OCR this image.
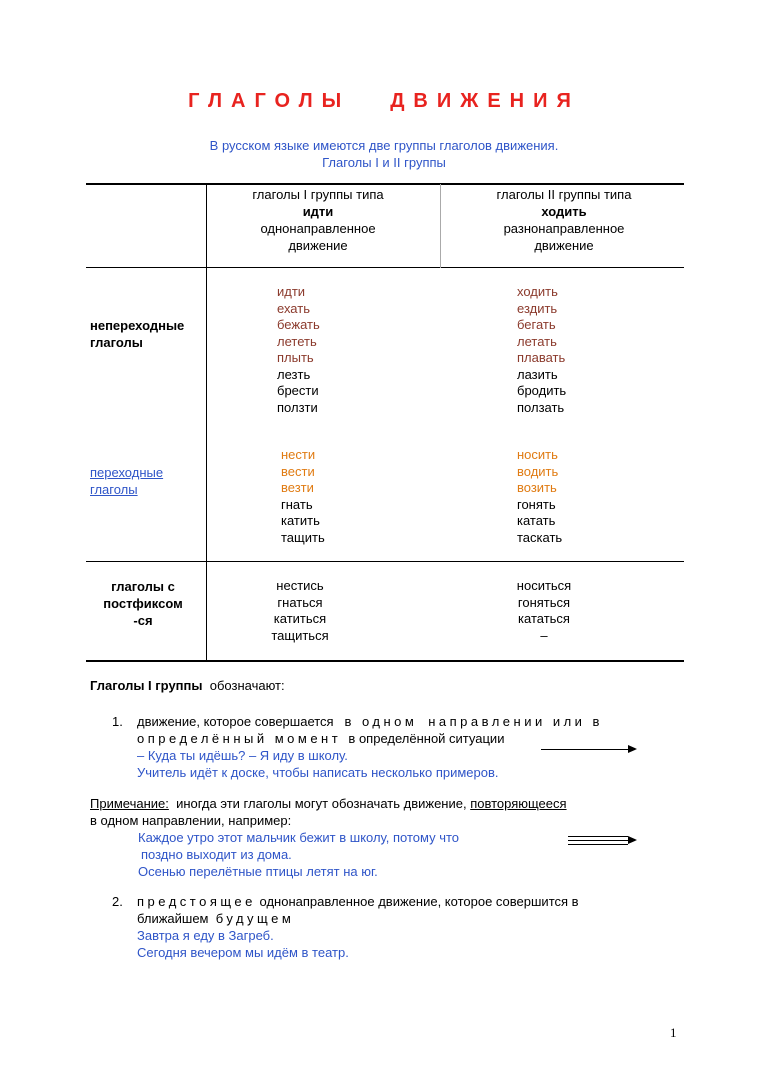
ГЛАГОЛЫ ДВИЖЕНИЯ
В русском языке имеются две группы глаголов движения.
Глаголы I и II группы
глаголы I группы типа
идти
однонаправленное
движение
глаголы II группы типа
ходить
разнонаправленное
движение
непереходные
глаголы
идти
ехать
бежать
лететь
плыть
лезть
брести
ползти
ходить
ездить
бегать
летать
плавать
лазить
бродить
ползать
переходные
глаголы
нести
вести
везти
гнать
катить
тащить
носить
водить
возить
гонять
катать
таскать
глаголы с
постфиксом
-ся
нестись
гнаться
катиться
тащиться
носиться
гоняться
кататься
–
Глаголы I группы обозначают:
1. движение, которое совершается в одном направлении или в
определённый момент в определённой ситуации
– Куда ты идёшь? – Я иду в школу.
Учитель идёт к доске, чтобы написать несколько примеров.
Примечание: иногда эти глаголы могут обозначать движение, повторяющееся
в одном направлении, например:
Каждое утро этот мальчик бежит в школу, потому что
поздно выходит из дома.
Осенью перелётные птицы летят на юг.
2. предстоящее однонаправленное движение, которое совершится в
ближайшем будущем
Завтра я еду в Загреб.
Сегодня вечером мы идём в театр.
1
